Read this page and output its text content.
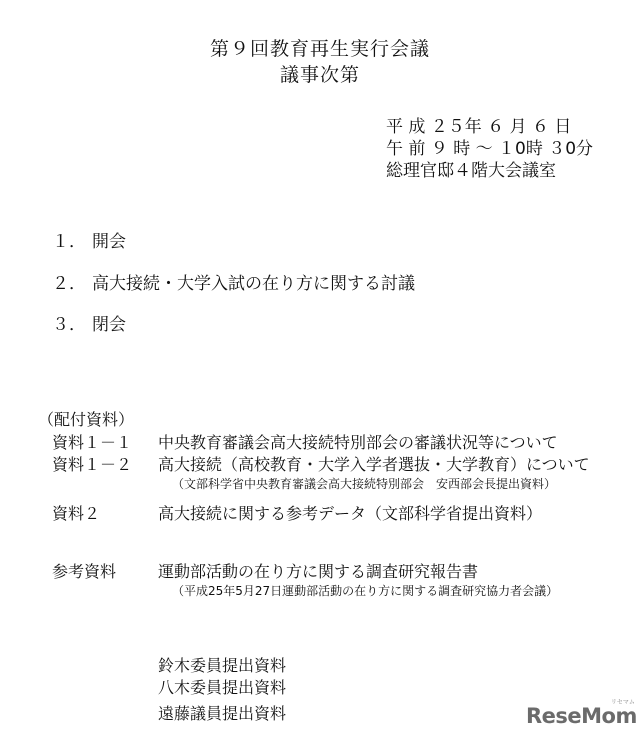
第９回教育再生実行会議
議事次第
平 成 ２５年 ６ 月 ６ 日
午 前 ９ 時 〜 １0時 ３0分
総理官邸４階大会議室
１． 開会
２． 高大接続・大学入試の在り方に関する討議
３． 閉会
（配付資料）
資料１－１ 中央教育審議会高大接続特別部会の審議状況等について
資料１－２ 高大接続（高校教育・大学入学者選抜・大学教育）について
（文部科学省中央教育審議会高大接続特別部会　安西部会長提出資料）
資料２	高大接続に関する参考データ（文部科学省提出資料）
参考資料	運動部活動の在り方に関する調査研究報告書
（平成25年5月27日運動部活動の在り方に関する調査研究協力者会議）
鈴木委員提出資料
八木委員提出資料
遠藤議員提出資料	ReseMom
リセマム
